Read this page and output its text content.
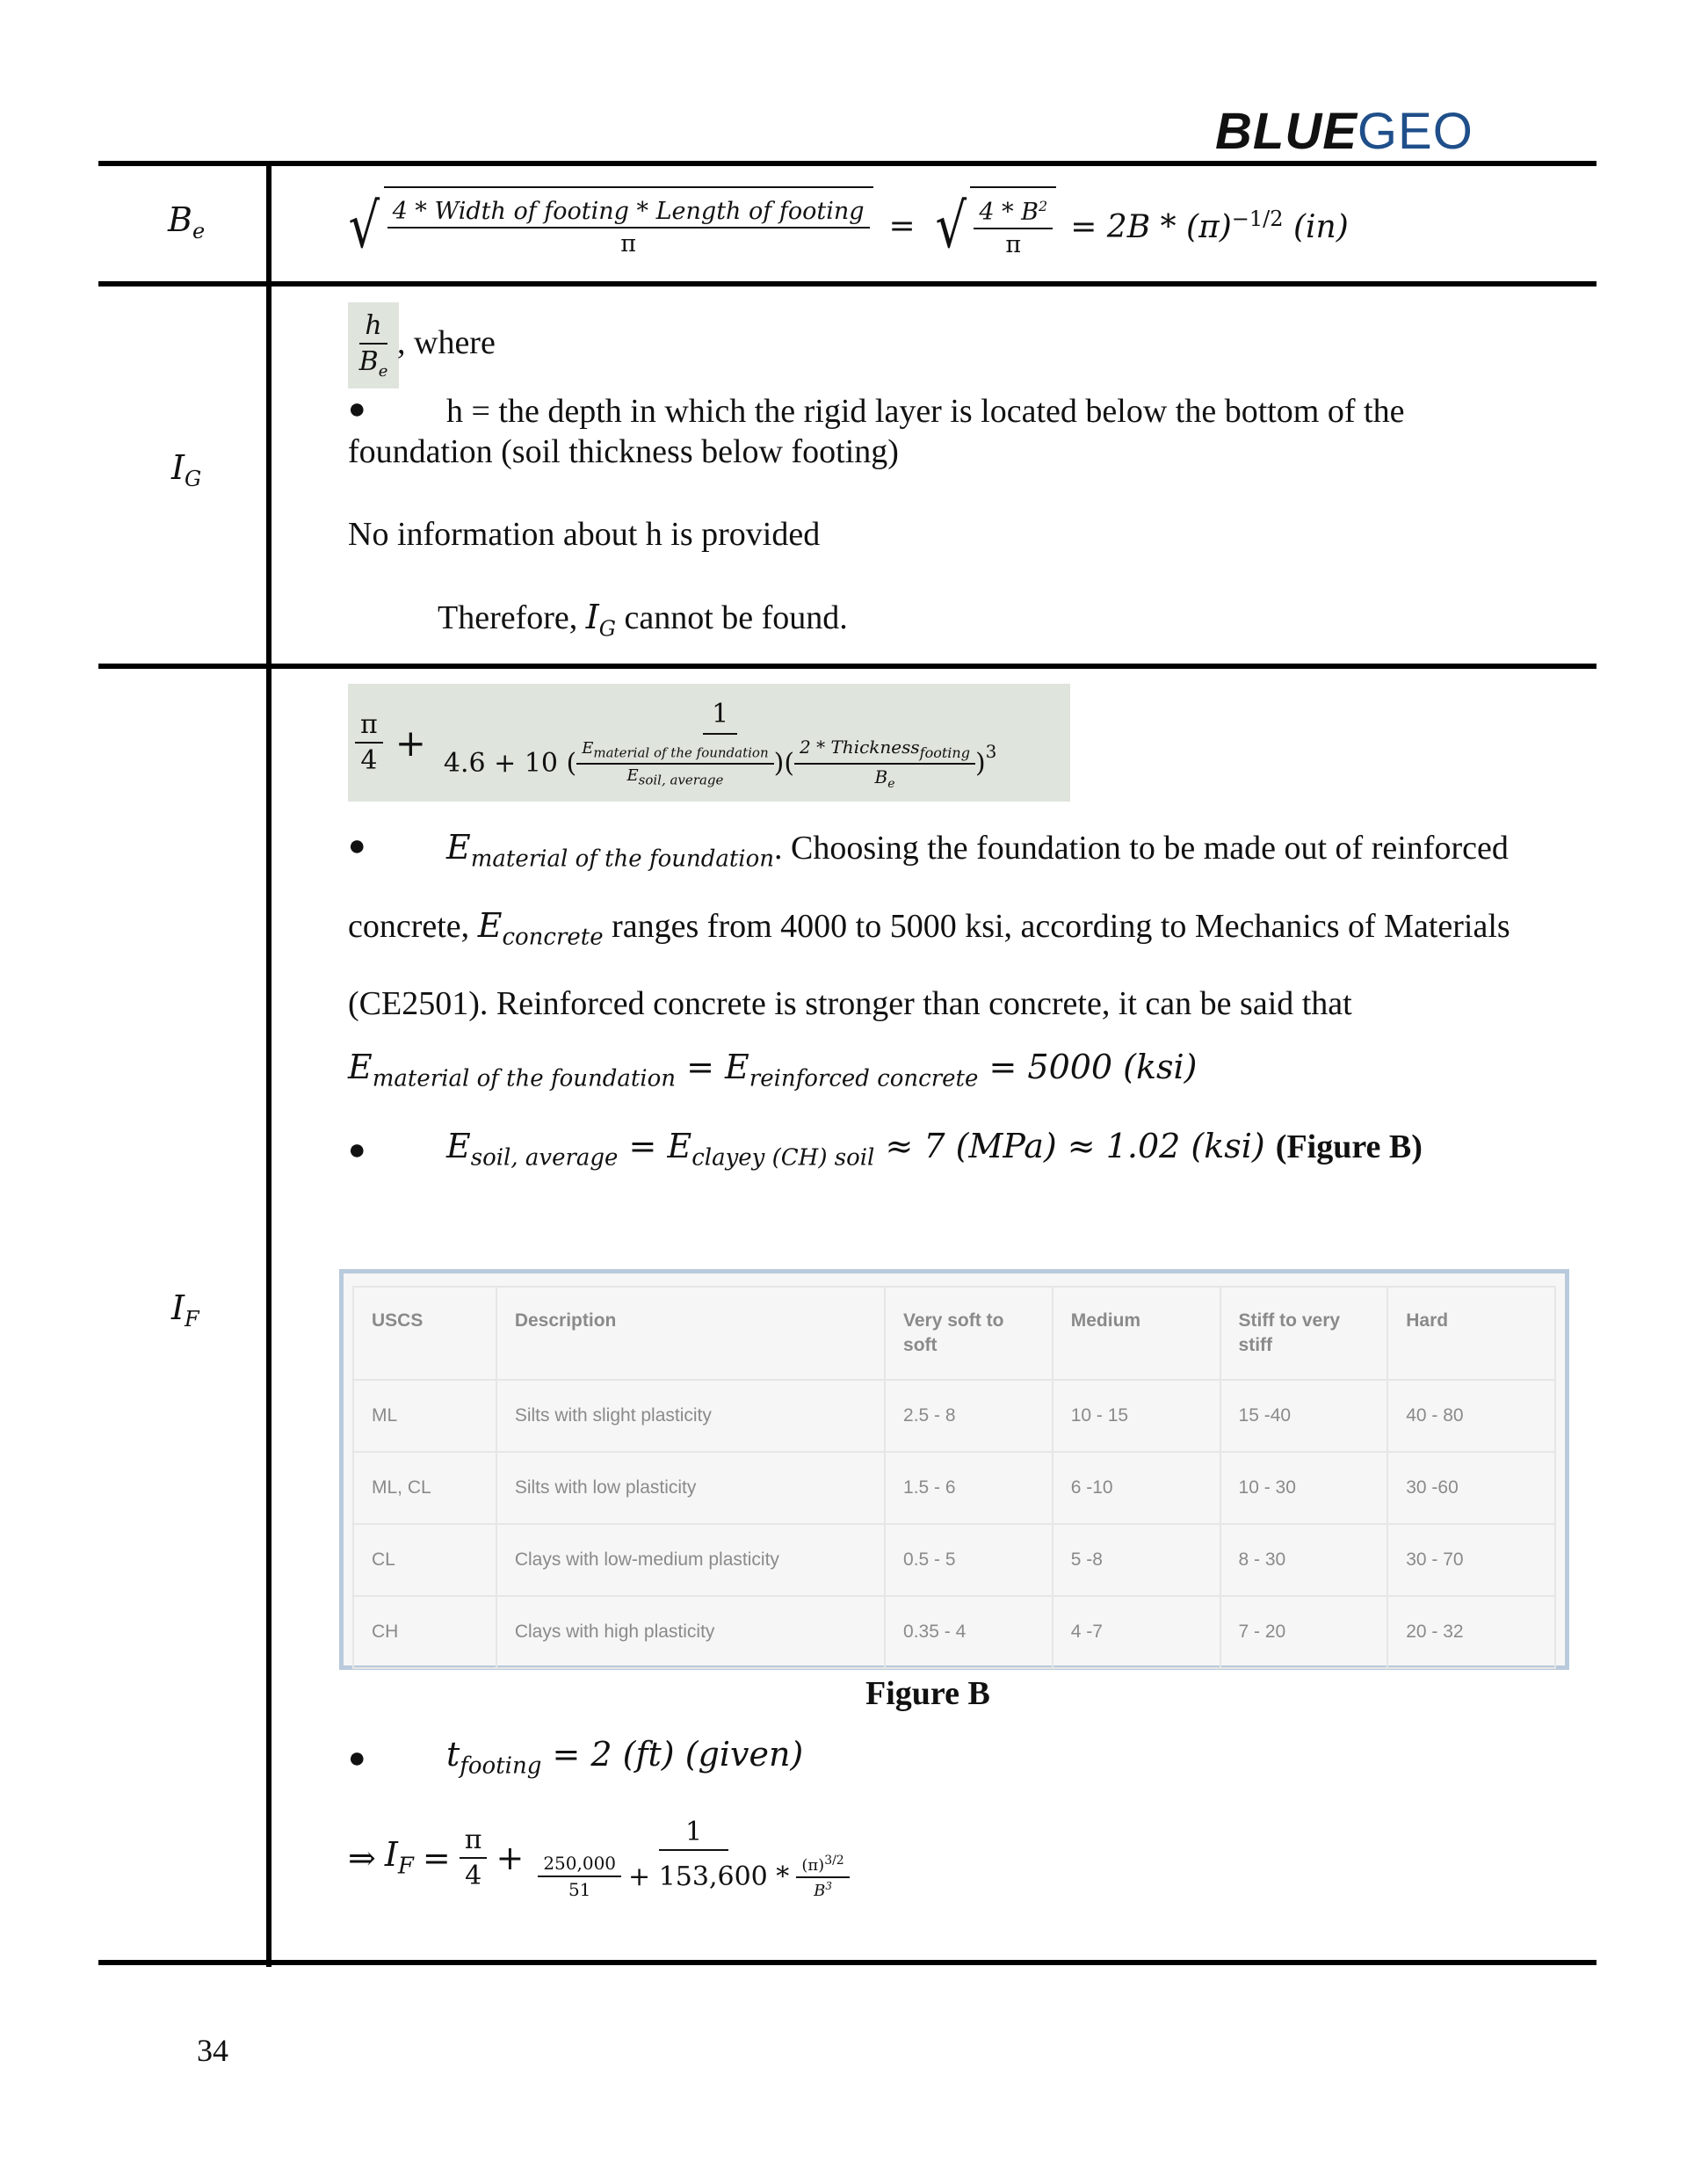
BLUEGEO
$B_e$ √ $\frac{\text{4 * Width of footing * Length of footing}}{\pi}$ = √ $\frac{4 * B^2}{\pi} = 2B * (\pi)^{-1/2}$ (in)
$I_G$
$\frac{h}{B_e}$ , where
● h = the depth in which the rigid layer is located below the bottom of the
foundation (soil thickness below footing)
No information about h is provided
Therefore, $I_G$ cannot be found.
$I_F$
$\frac{\pi}{4}$ +
1
4.6 + 10 ( $\frac{E_{material of the foundation}}{E_{soil, average}}$ )( $\frac{2 * Thickness_{footing}}{B_e} )^3$
● $E_{material of the foundation}$. Choosing the foundation to be made out of reinforced
concrete, $E_{concrete}$ ranges from 4000 to 5000 ksi, according to Mechanics of Materials
(CE2501). Reinforced concrete is stronger than concrete, it can be said that
$E_{material of the foundation} = E_{reinforced concrete} = 5000$ (ksi)
● $E_{soil, average} = E_{clayey (CH) soil} \approx 7$ (MPa) ≈ 1.02 (ksi) (Figure B)
USCS	Description	Very soft to soft	Medium	Stiff to very stiff	Hard
ML	Silts with slight plasticity	2.5 - 8	10 - 15	15 -40	40 - 80
ML, CL	Silts with low plasticity	1.5 - 6	6 -10	10 - 30	30 -60
CL	Clays with low-medium plasticity	0.5 - 5	5 -8	8 - 30	30 - 70
CH	Clays with high plasticity	0.35 - 4	4 -7	7 - 20	20 - 32
Figure B
● $t_{footing} = 2$ (ft) (given)
⇒ $I_F = \frac{\pi}{4} + \frac{1}{\frac{250,000}{51} + 153,600 * \frac{(\pi)^{3/2}}{B^3}}$
34
